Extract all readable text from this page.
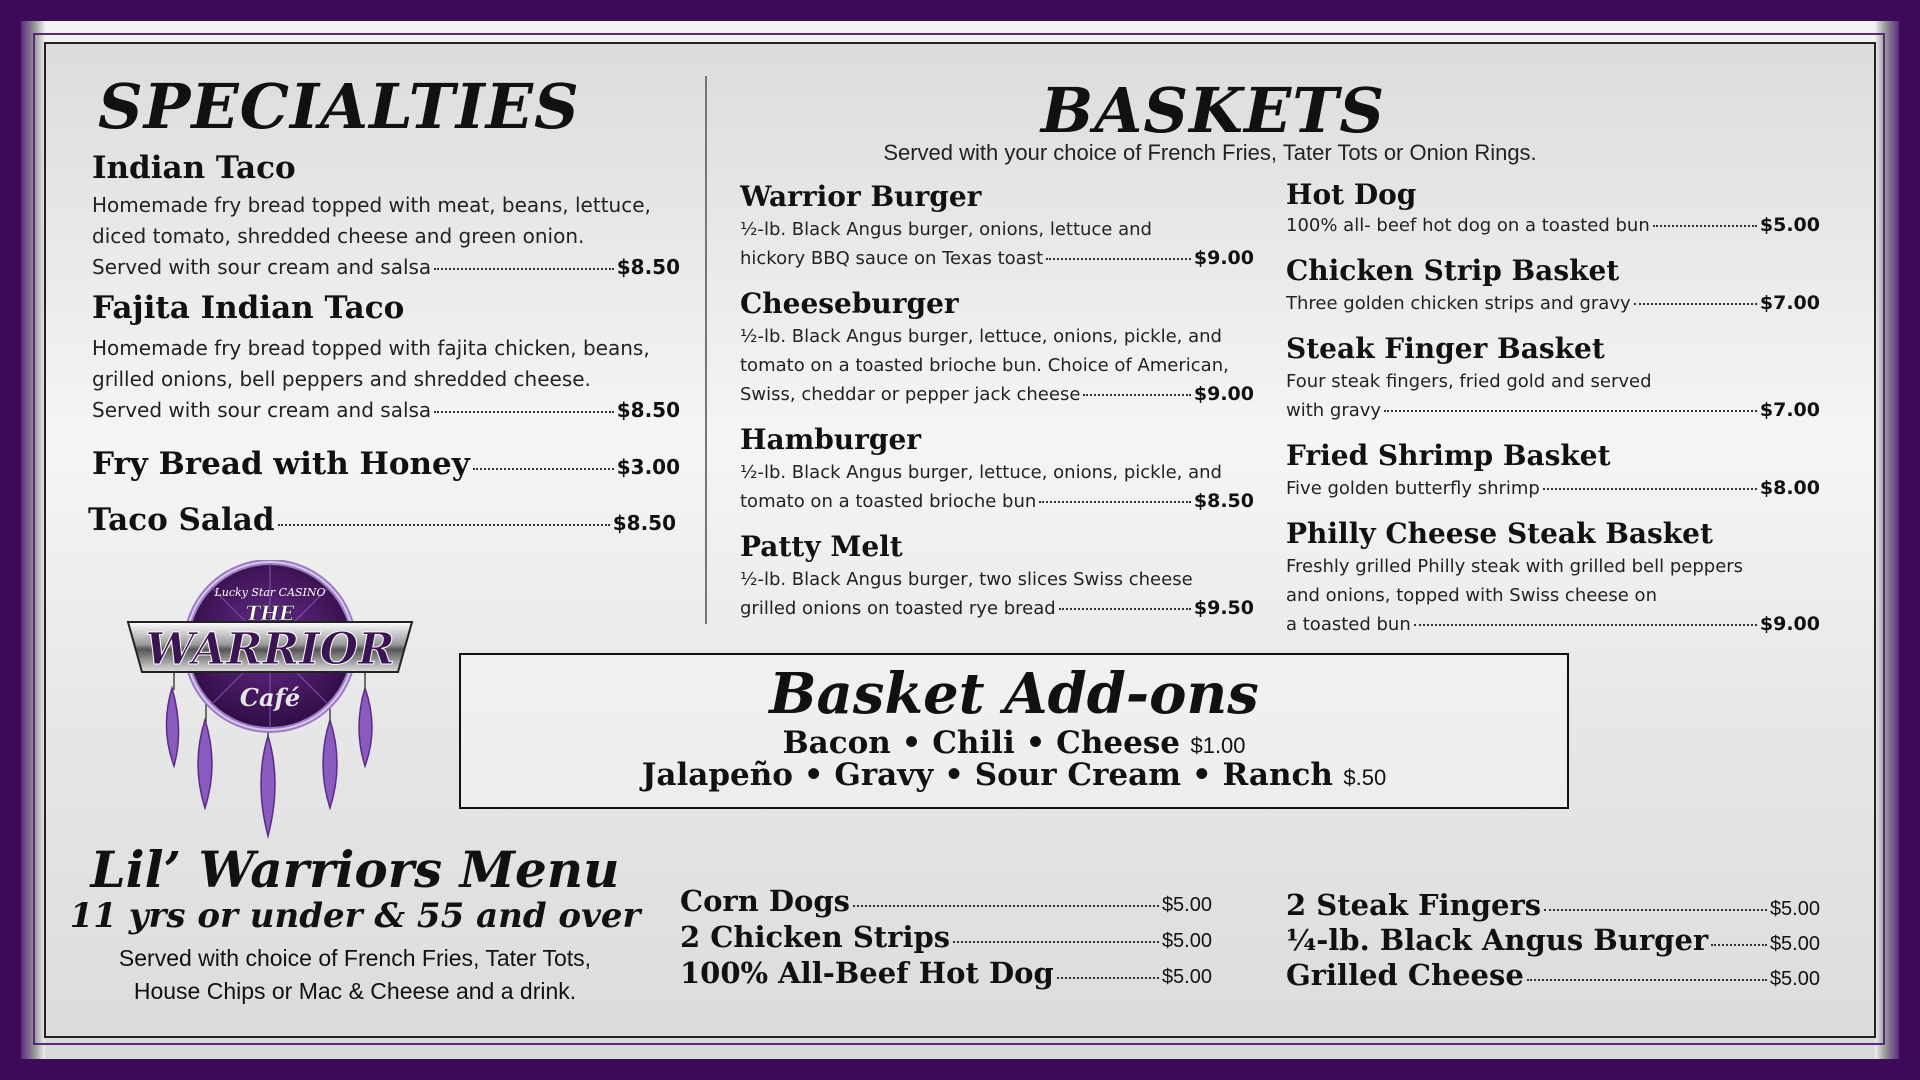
SPECIALTIES
Indian Taco
Homemade fry bread topped with meat, beans, lettuce,
diced tomato, shredded cheese and green onion.
Served with sour cream and salsa	$8.50
Fajita Indian Taco
Homemade fry bread topped with fajita chicken, beans,
grilled onions, bell peppers and shredded cheese.
Served with sour cream and salsa	$8.50
Fry Bread with Honey	$3.00
Taco Salad	$8.50
BASKETS
Served with your choice of French Fries, Tater Tots or Onion Rings.
Warrior Burger
½-lb. Black Angus burger, onions, lettuce and
hickory BBQ sauce on Texas toast	$9.00
Cheeseburger
½-lb. Black Angus burger, lettuce, onions, pickle, and
tomato on a toasted brioche bun. Choice of American,
Swiss, cheddar or pepper jack cheese	$9.00
Hamburger
½-lb. Black Angus burger, lettuce, onions, pickle, and
tomato on a toasted brioche bun	$8.50
Patty Melt
½-lb. Black Angus burger, two slices Swiss cheese
grilled onions on toasted rye bread	$9.50
Hot Dog
100% all- beef hot dog on a toasted bun	$5.00
Chicken Strip Basket
Three golden chicken strips and gravy	$7.00
Steak Finger Basket
Four steak fingers, fried gold and served
with gravy	$7.00
Fried Shrimp Basket
Five golden butterfly shrimp	$8.00
Philly Cheese Steak Basket
Freshly grilled Philly steak with grilled bell peppers
and onions, topped with Swiss cheese on
a toasted bun	$9.00
Basket Add-ons
Bacon • Chili • Cheese $1.00
Jalapeño • Gravy • Sour Cream • Ranch $.50
Lucky Star CASINO
THE
WARRIOR
Café
Lil’ Warriors Menu
11 yrs or under & 55 and over
Served with choice of French Fries, Tater Tots,
House Chips or Mac & Cheese and a drink.
Corn Dogs	$5.00
2 Chicken Strips	$5.00
100% All-Beef Hot Dog	$5.00
2 Steak Fingers	$5.00
¼-lb. Black Angus Burger	$5.00
Grilled Cheese	$5.00
